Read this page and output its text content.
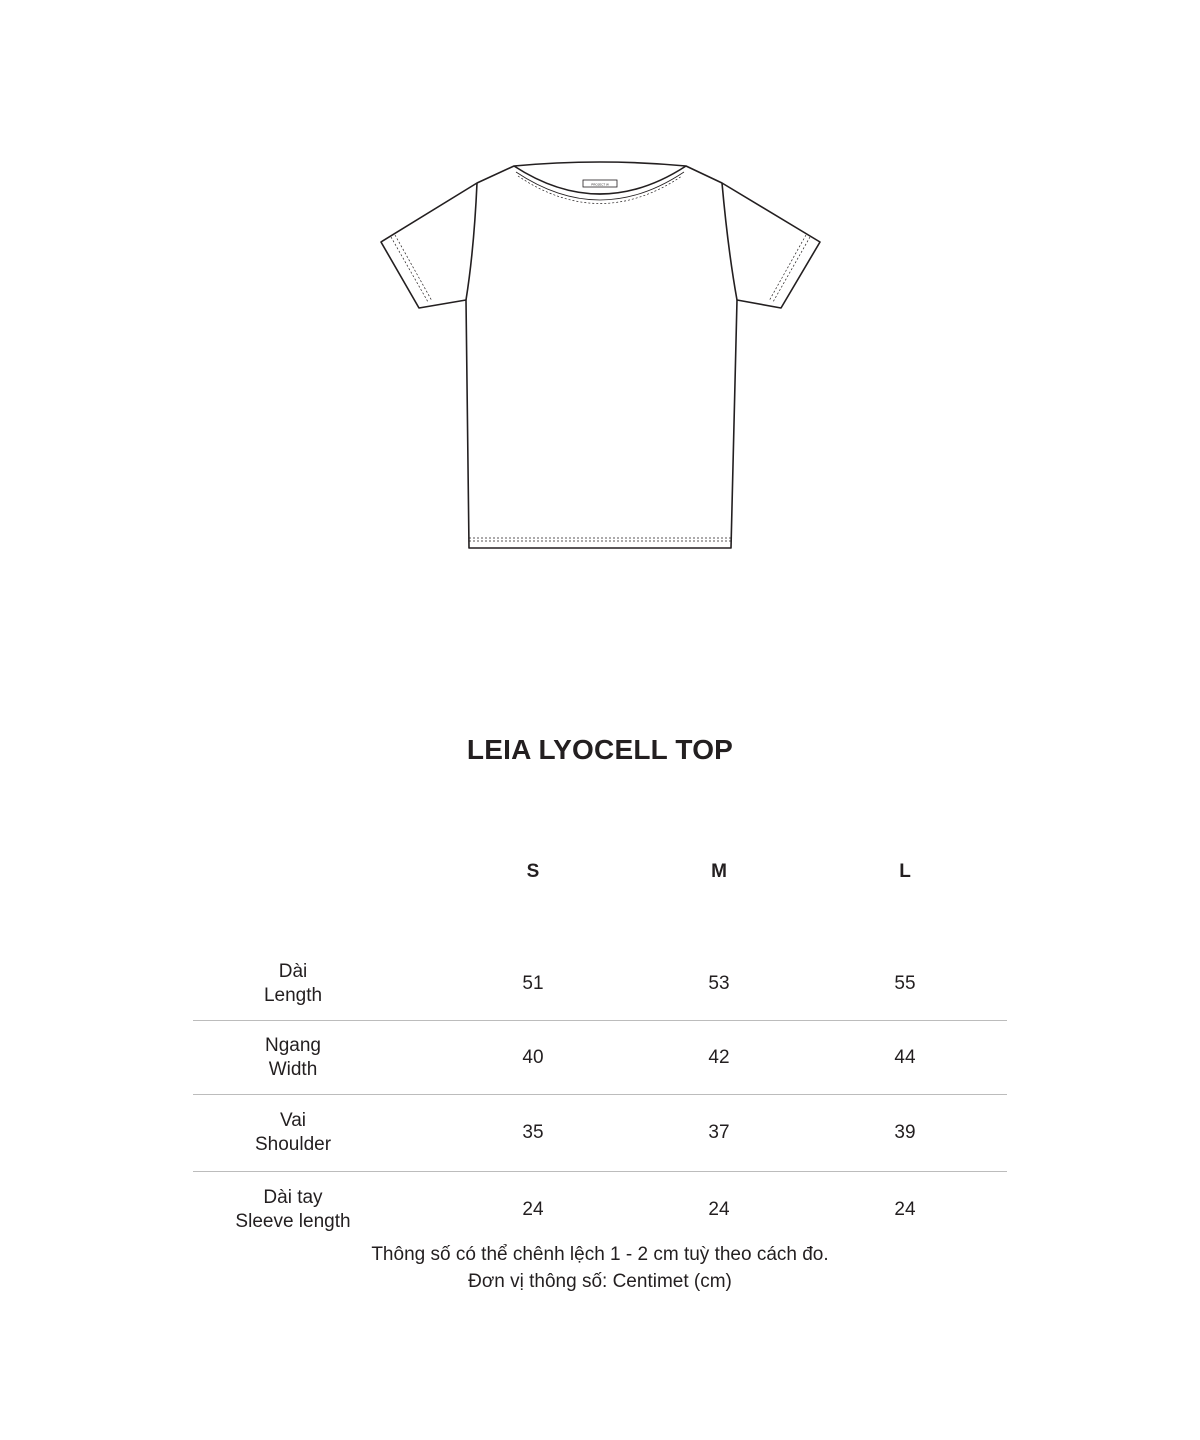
PROJECT W
LEIA LYOCELL TOP
S	M	L
Dài
Length
51	53	55
Ngang
Width
40	42	44
Vai
Shoulder
35	37	39
Dài tay
Sleeve length
24	24	24
Thông số có thể chênh lệch 1 - 2 cm tuỳ theo cách đo.
Đơn vị thông số: Centimet (cm)
